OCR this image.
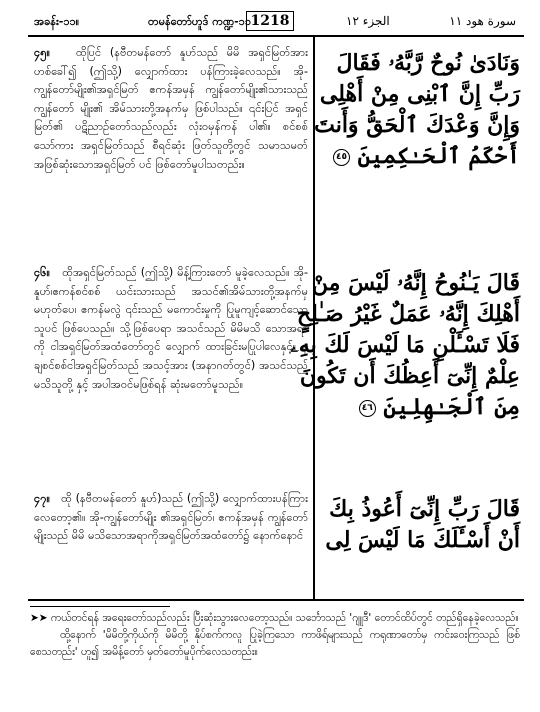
အခန်း-၁၁။	တမန်တော်ဟူဒ် ကဏ္ဍ-၁၁ 1218	الجزء ١٢	سورة هود ١١
၄၅။ ထိုပြင် (နဗီတမန်တော် နူဟ်သည် မိမိ အရှင်မြတ်အား ဟစ်ခေါ်၍ (ဤသို့) လျှောက်ထား ပန်ကြားခဲ့လေသည်။ အို-ကျွန်တော်မျိုး၏အရှင်မြတ် ဧကန်အမှန် ကျွန်တော်မျိုး၏သားသည် ကျွန်တော် မျိုး၏ အိမ်သားတို့အနက်မှ ဖြစ်ပါသည်။ ၎င်းပြင် အရှင်မြတ်၏ ပဋိညာဉ်တော်သည်လည်း လုံးဝမှန်ကန် ပါ၏။ စင်စစ်သော်ကား အရှင်မြတ်သည် စီရင်ဆုံး ဖြတ်သူတို့တွင် သမာသမတ်အဖြစ်ဆုံးသောအရှင်မြတ် ပင် ဖြစ်တော်မူပါသတည်း။
وَنَادَىٰ نُوحٌ رَّبَّهُۥ فَقَالَ
رَبِّ إِنَّ ٱبْنِى مِنْ أَهْلِى
وَإِنَّ وَعْدَكَ ٱلْحَقُّ وَأَنتَ
أَحْكَمُ ٱلْحَـٰكِمِينَ ٤٥
၄၆။ ထိုအရှင်မြတ်သည် (ဤသို့) မိန့်ကြားတော် မူခဲ့လေသည်။ အို-နူဟ်၊ဧကန်စင်စစ် ယင်းသားသည် အသင်၏အိမ်သားတို့အနက်မှ မဟုတ်ပေ၊ ဧကန်မလွဲ ၎င်းသည် မကောင်းမှုကို ပြုမူကျင့်ဆောင်သောသူပင် ဖြစ်ပေသည်။ သို့ဖြစ်ပေရာ အသင်သည် မိမိမသိ သောအရာကို ငါအရှင်မြတ်အထံတော်တွင် လျှောက် ထားခြင်းမပြုပါလေနှင့်။ မှချစင်စစ်ငါအရှင်မြတ်သည် အသင့်အား (အနာဂတ်တွင်) အသင်သည် မသိသူတို့ နှင့် အပါအဝင်မဖြစ်ရန် ဆုံးမတော်မူသည်။
قَالَ يَـٰنُوحُ إِنَّهُۥ لَيْسَ مِنْ
أَهْلِكَ إِنَّهُۥ عَمَلٌ غَيْرُ صَـٰلِحٍ
فَلَا تَسْـَٔلْنِ مَا لَيْسَ لَكَ بِهِۦ
عِلْمٌ إِنِّىٓ أَعِظُكَ أَن تَكُونَ
مِنَ ٱلْجَـٰهِلِينَ ٤٦
၄၇။ ထို (နဗီတမန်တော် နူဟ်)သည် (ဤသို့) လျှောက်ထားပန်ကြားလေတော့၏။ အို-ကျွန်တော်မျိုး ၏အရှင်မြတ်၊ ဧကန်အမှန် ကျွန်တော်မျိုးသည် မိမိ မသိသောအရာကိုအရှင်မြတ်အထံတော်၌ နောက်နောင်
قَالَ رَبِّ إِنِّىٓ أَعُوذُ بِكَ
أَنْ أَسْـَٔلَكَ مَا لَيْسَ لِى
➤➤ ကယ်တင်ရန် အရေးတော်သည်လည်း ပြီးဆုံးသွားလေတော့သည်။ သင်္ဘောသည် 'ဂျူဒီ' တောင်ထိပ်တွင် တည်ရှိနေခဲ့လေသည်။
ထို့နောက် 'မိမိတို့ကိုယ်ကို မိမိတို့ နိုပ်စက်ကလူ ပြုခဲ့ကြသော ကာဖိရ်များသည် ကရုဏာတော်မှ ကင်းဝေးကြသည် ဖြစ်စေသတည်း' ဟူ၍ အမိန့်တော် မှတ်တော်မူပိုက်လေသတည်း။
